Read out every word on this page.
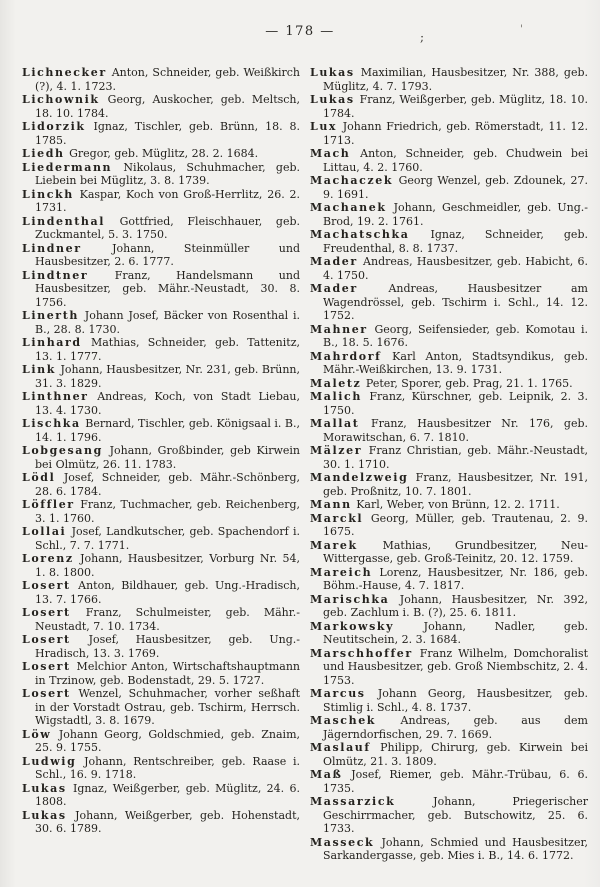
— 178 —	;
'

Lichnecker Anton, Schneider, geb. Weißkirch (?), 4. 1. 1723.

Lichownik Georg, Auskocher, geb. Meltsch, 18. 10. 1784.

Lidorzik Ignaz, Tischler, geb. Brünn, 18. 8. 1785.

Liedh Gregor, geb. Müglitz, 28. 2. 1684.

Liedermann Nikolaus, Schuhmacher, geb. Liebein bei Müglitz, 3. 8. 1739.

Linckh Kaspar, Koch von Groß-Herrlitz, 26. 2. 1731.

Lindenthal Gottfried, Fleischhauer, geb. Zuckmantel, 5. 3. 1750.

Lindner Johann, Steinmüller und Hausbesitzer, 2. 6. 1777.

Lindtner Franz, Handelsmann und Hausbesitzer, geb. Mähr.-Neustadt, 30. 8. 1756.

Linerth Johann Josef, Bäcker von Rosenthal i. B., 28. 8. 1730.

Linhard Mathias, Schneider, geb. Tattenitz, 13. 1. 1777.

Link Johann, Hausbesitzer, Nr. 231, geb. Brünn, 31. 3. 1829.

Linthner Andreas, Koch, von Stadt Liebau, 13. 4. 1730.

Lischka Bernard, Tischler, geb. Königsaal i. B., 14. 1. 1796.

Lobgesang Johann, Großbinder, geb Kirwein bei Olmütz, 26. 11. 1783.

Lödl Josef, Schneider, geb. Mähr.-Schönberg, 28. 6. 1784.

Löffler Franz, Tuchmacher, geb. Reichenberg, 3. 1. 1760.

Lollai Josef, Landkutscher, geb. Spachendorf i. Schl., 7. 7. 1771.

Lorenz Johann, Hausbesitzer, Vorburg Nr. 54, 1. 8. 1800.

Losert Anton, Bildhauer, geb. Ung.-Hradisch, 13. 7. 1766.

Losert Franz, Schulmeister, geb. Mähr.-Neustadt, 7. 10. 1734.

Losert Josef, Hausbesitzer, geb. Ung.-Hradisch, 13. 3. 1769.

Losert Melchior Anton, Wirtschaftshauptmann in Trzinow, geb. Bodenstadt, 29. 5. 1727.

Losert Wenzel, Schuhmacher, vorher seßhaft in der Vorstadt Ostrau, geb. Tschirm, Herrsch. Wigstadtl, 3. 8. 1679.

Löw Johann Georg, Goldschmied, geb. Znaim, 25. 9. 1755.

Ludwig Johann, Rentschreiber, geb. Raase i. Schl., 16. 9. 1718.

Lukas Ignaz, Weißgerber, geb. Müglitz, 24. 6. 1808.

Lukas Johann, Weißgerber, geb. Hohenstadt, 30. 6. 1789.

Lukas Maximilian, Hausbesitzer, Nr. 388, geb. Müglitz, 4. 7. 1793.

Lukas Franz, Weißgerber, geb. Müglitz, 18. 10. 1784.

Lux Johann Friedrich, geb. Römerstadt, 11. 12. 1713.

Mach Anton, Schneider, geb. Chudwein bei Littau, 4. 2. 1760.

Machaczek Georg Wenzel, geb. Zdounek, 27. 9. 1691.

Machanek Johann, Geschmeidler, geb. Ung.-Brod, 19. 2. 1761.

Machatschka Ignaz, Schneider, geb. Freudenthal, 8. 8. 1737.

Mader Andreas, Hausbesitzer, geb. Habicht, 6. 4. 1750.

Mader Andreas, Hausbesitzer am Wagendrössel, geb. Tschirm i. Schl., 14. 12. 1752.

Mahner Georg, Seifensieder, geb. Komotau i. B., 18. 5. 1676.

Mahrdorf Karl Anton, Stadtsyndikus, geb. Mähr.-Weißkirchen, 13. 9. 1731.

Maletz Peter, Sporer, geb. Prag, 21. 1. 1765.

Malich Franz, Kürschner, geb. Leipnik, 2. 3. 1750.

Mallat Franz, Hausbesitzer Nr. 176, geb. Morawitschan, 6. 7. 1810.

Mälzer Franz Christian, geb. Mähr.-Neustadt, 30. 1. 1710.

Mandelzweig Franz, Hausbesitzer, Nr. 191, geb. Proßnitz, 10. 7. 1801.

Mann Karl, Weber, von Brünn, 12. 2. 1711.

Marckl Georg, Müller, geb. Trautenau, 2. 9. 1675.

Marek Mathias, Grundbesitzer, Neu-Wittergasse, geb. Groß-Teinitz, 20. 12. 1759.

Mareich Lorenz, Hausbesitzer, Nr. 186, geb. Böhm.-Hause, 4. 7. 1817.

Marischka Johann, Hausbesitzer, Nr. 392, geb. Zachlum i. B. (?), 25. 6. 1811.

Markowsky Johann, Nadler, geb. Neutitschein, 2. 3. 1684.

Marschhoffer Franz Wilhelm, Domchoralist und Hausbesitzer, geb. Groß Niembschitz, 2. 4. 1753.

Marcus Johann Georg, Hausbesitzer, geb. Stimlig i. Schl., 4. 8. 1737.

Maschek Andreas, geb. aus dem Jägerndorfischen, 29. 7. 1669.

Maslauf Philipp, Chirurg, geb. Kirwein bei Olmütz, 21. 3. 1809.

Maß Josef, Riemer, geb. Mähr.-Trübau, 6. 6. 1735.

Massarzick Johann, Priegerischer Geschirrmacher, geb. Butschowitz, 25. 6. 1733.

Masseck Johann, Schmied und Hausbesitzer, Sarkandergasse, geb. Mies i. B., 14. 6. 1772.
